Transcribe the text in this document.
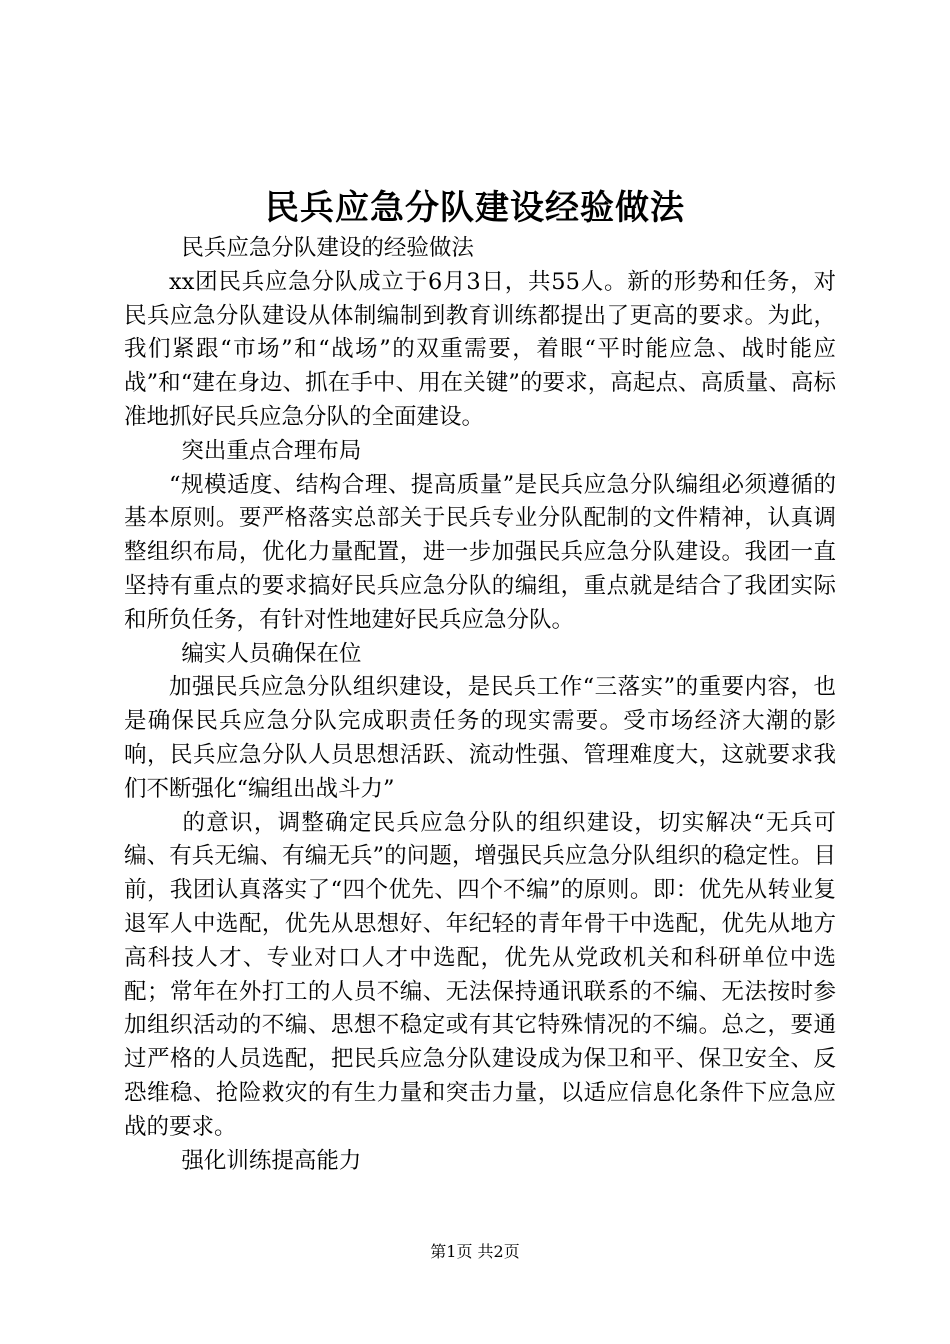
民兵应急分队建设经验做法

民兵应急分队建设的经验做法

xx团民兵应急分队成立于6月3日，共55人。新的形势和任务，对民兵应急分队建设从体制编制到教育训练都提出了更高的要求。为此，我们紧跟“市场”和“战场”的双重需要，着眼“平时能应急、战时能应战”和“建在身边、抓在手中、用在关键”的要求，高起点、高质量、高标准地抓好民兵应急分队的全面建设。

突出重点合理布局

“规模适度、结构合理、提高质量”是民兵应急分队编组必须遵循的基本原则。要严格落实总部关于民兵专业分队配制的文件精神，认真调整组织布局，优化力量配置，进一步加强民兵应急分队建设。我团一直坚持有重点的要求搞好民兵应急分队的编组，重点就是结合了我团实际和所负任务，有针对性地建好民兵应急分队。

编实人员确保在位

加强民兵应急分队组织建设，是民兵工作“三落实”的重要内容，也是确保民兵应急分队完成职责任务的现实需要。受市场经济大潮的影响，民兵应急分队人员思想活跃、流动性强、管理难度大，这就要求我们不断强化“编组出战斗力”

的意识，调整确定民兵应急分队的组织建设，切实解决“无兵可编、有兵无编、有编无兵”的问题，增强民兵应急分队组织的稳定性。目前，我团认真落实了“四个优先、四个不编”的原则。即：优先从转业复退军人中选配，优先从思想好、年纪轻的青年骨干中选配，优先从地方高科技人才、专业对口人才中选配，优先从党政机关和科研单位中选配；常年在外打工的人员不编、无法保持通讯联系的不编、无法按时参加组织活动的不编、思想不稳定或有其它特殊情况的不编。总之，要通过严格的人员选配，把民兵应急分队建设成为保卫和平、保卫安全、反恐维稳、抢险救灾的有生力量和突击力量，以适应信息化条件下应急应战的要求。

强化训练提高能力

第1页 共2页
